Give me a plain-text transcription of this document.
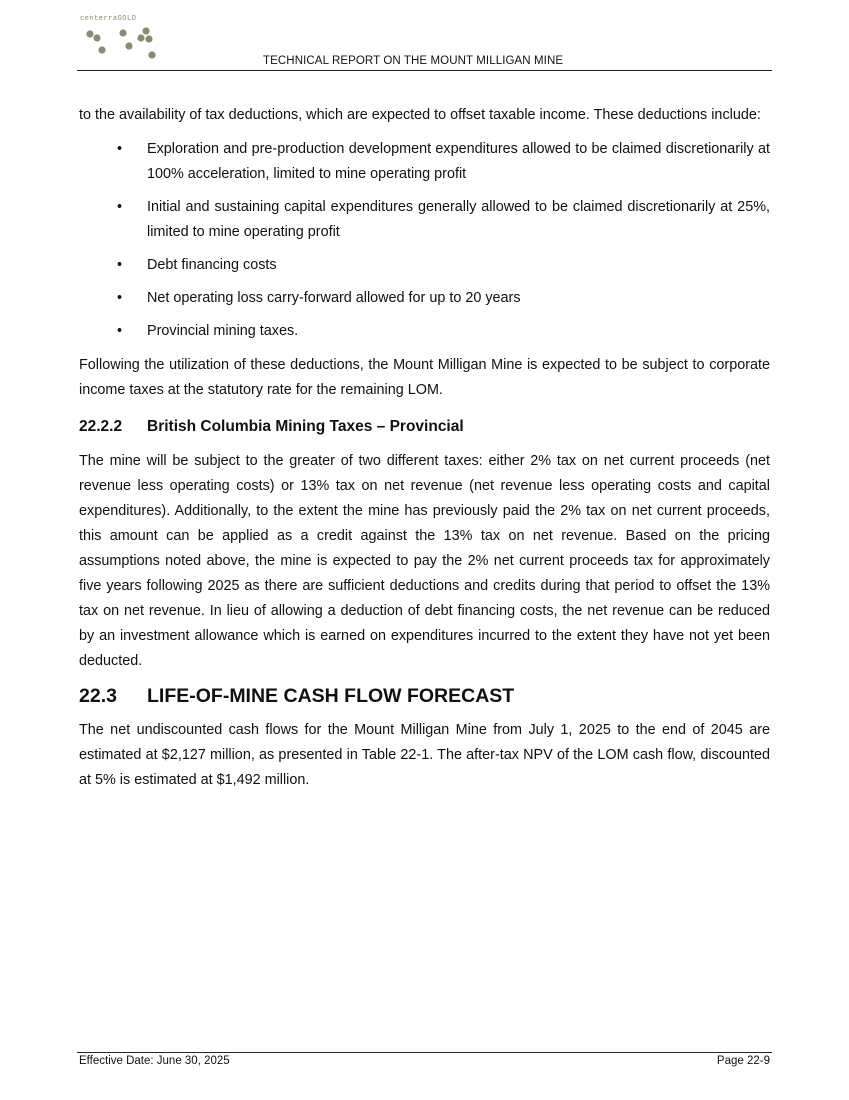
centerraGOLD
TECHNICAL REPORT ON THE MOUNT MILLIGAN MINE

to the availability of tax deductions, which are expected to offset taxable income. These deductions include:

• Exploration and pre-production development expenditures allowed to be claimed discretionarily at 100% acceleration, limited to mine operating profit
• Initial and sustaining capital expenditures generally allowed to be claimed discretionarily at 25%, limited to mine operating profit
• Debt financing costs
• Net operating loss carry-forward allowed for up to 20 years
• Provincial mining taxes.

Following the utilization of these deductions, the Mount Milligan Mine is expected to be subject to corporate income taxes at the statutory rate for the remaining LOM.

22.2.2 British Columbia Mining Taxes – Provincial

The mine will be subject to the greater of two different taxes: either 2% tax on net current proceeds (net revenue less operating costs) or 13% tax on net revenue (net revenue less operating costs and capital expenditures). Additionally, to the extent the mine has previously paid the 2% tax on net current proceeds, this amount can be applied as a credit against the 13% tax on net revenue. Based on the pricing assumptions noted above, the mine is expected to pay the 2% net current proceeds tax for approximately five years following 2025 as there are sufficient deductions and credits during that period to offset the 13% tax on net revenue. In lieu of allowing a deduction of debt financing costs, the net revenue can be reduced by an investment allowance which is earned on expenditures incurred to the extent they have not yet been deducted.

22.3 LIFE-OF-MINE CASH FLOW FORECAST

The net undiscounted cash flows for the Mount Milligan Mine from July 1, 2025 to the end of 2045 are estimated at $2,127 million, as presented in Table 22-1. The after-tax NPV of the LOM cash flow, discounted at 5% is estimated at $1,492 million.

Effective Date: June 30, 2025	Page 22-9
